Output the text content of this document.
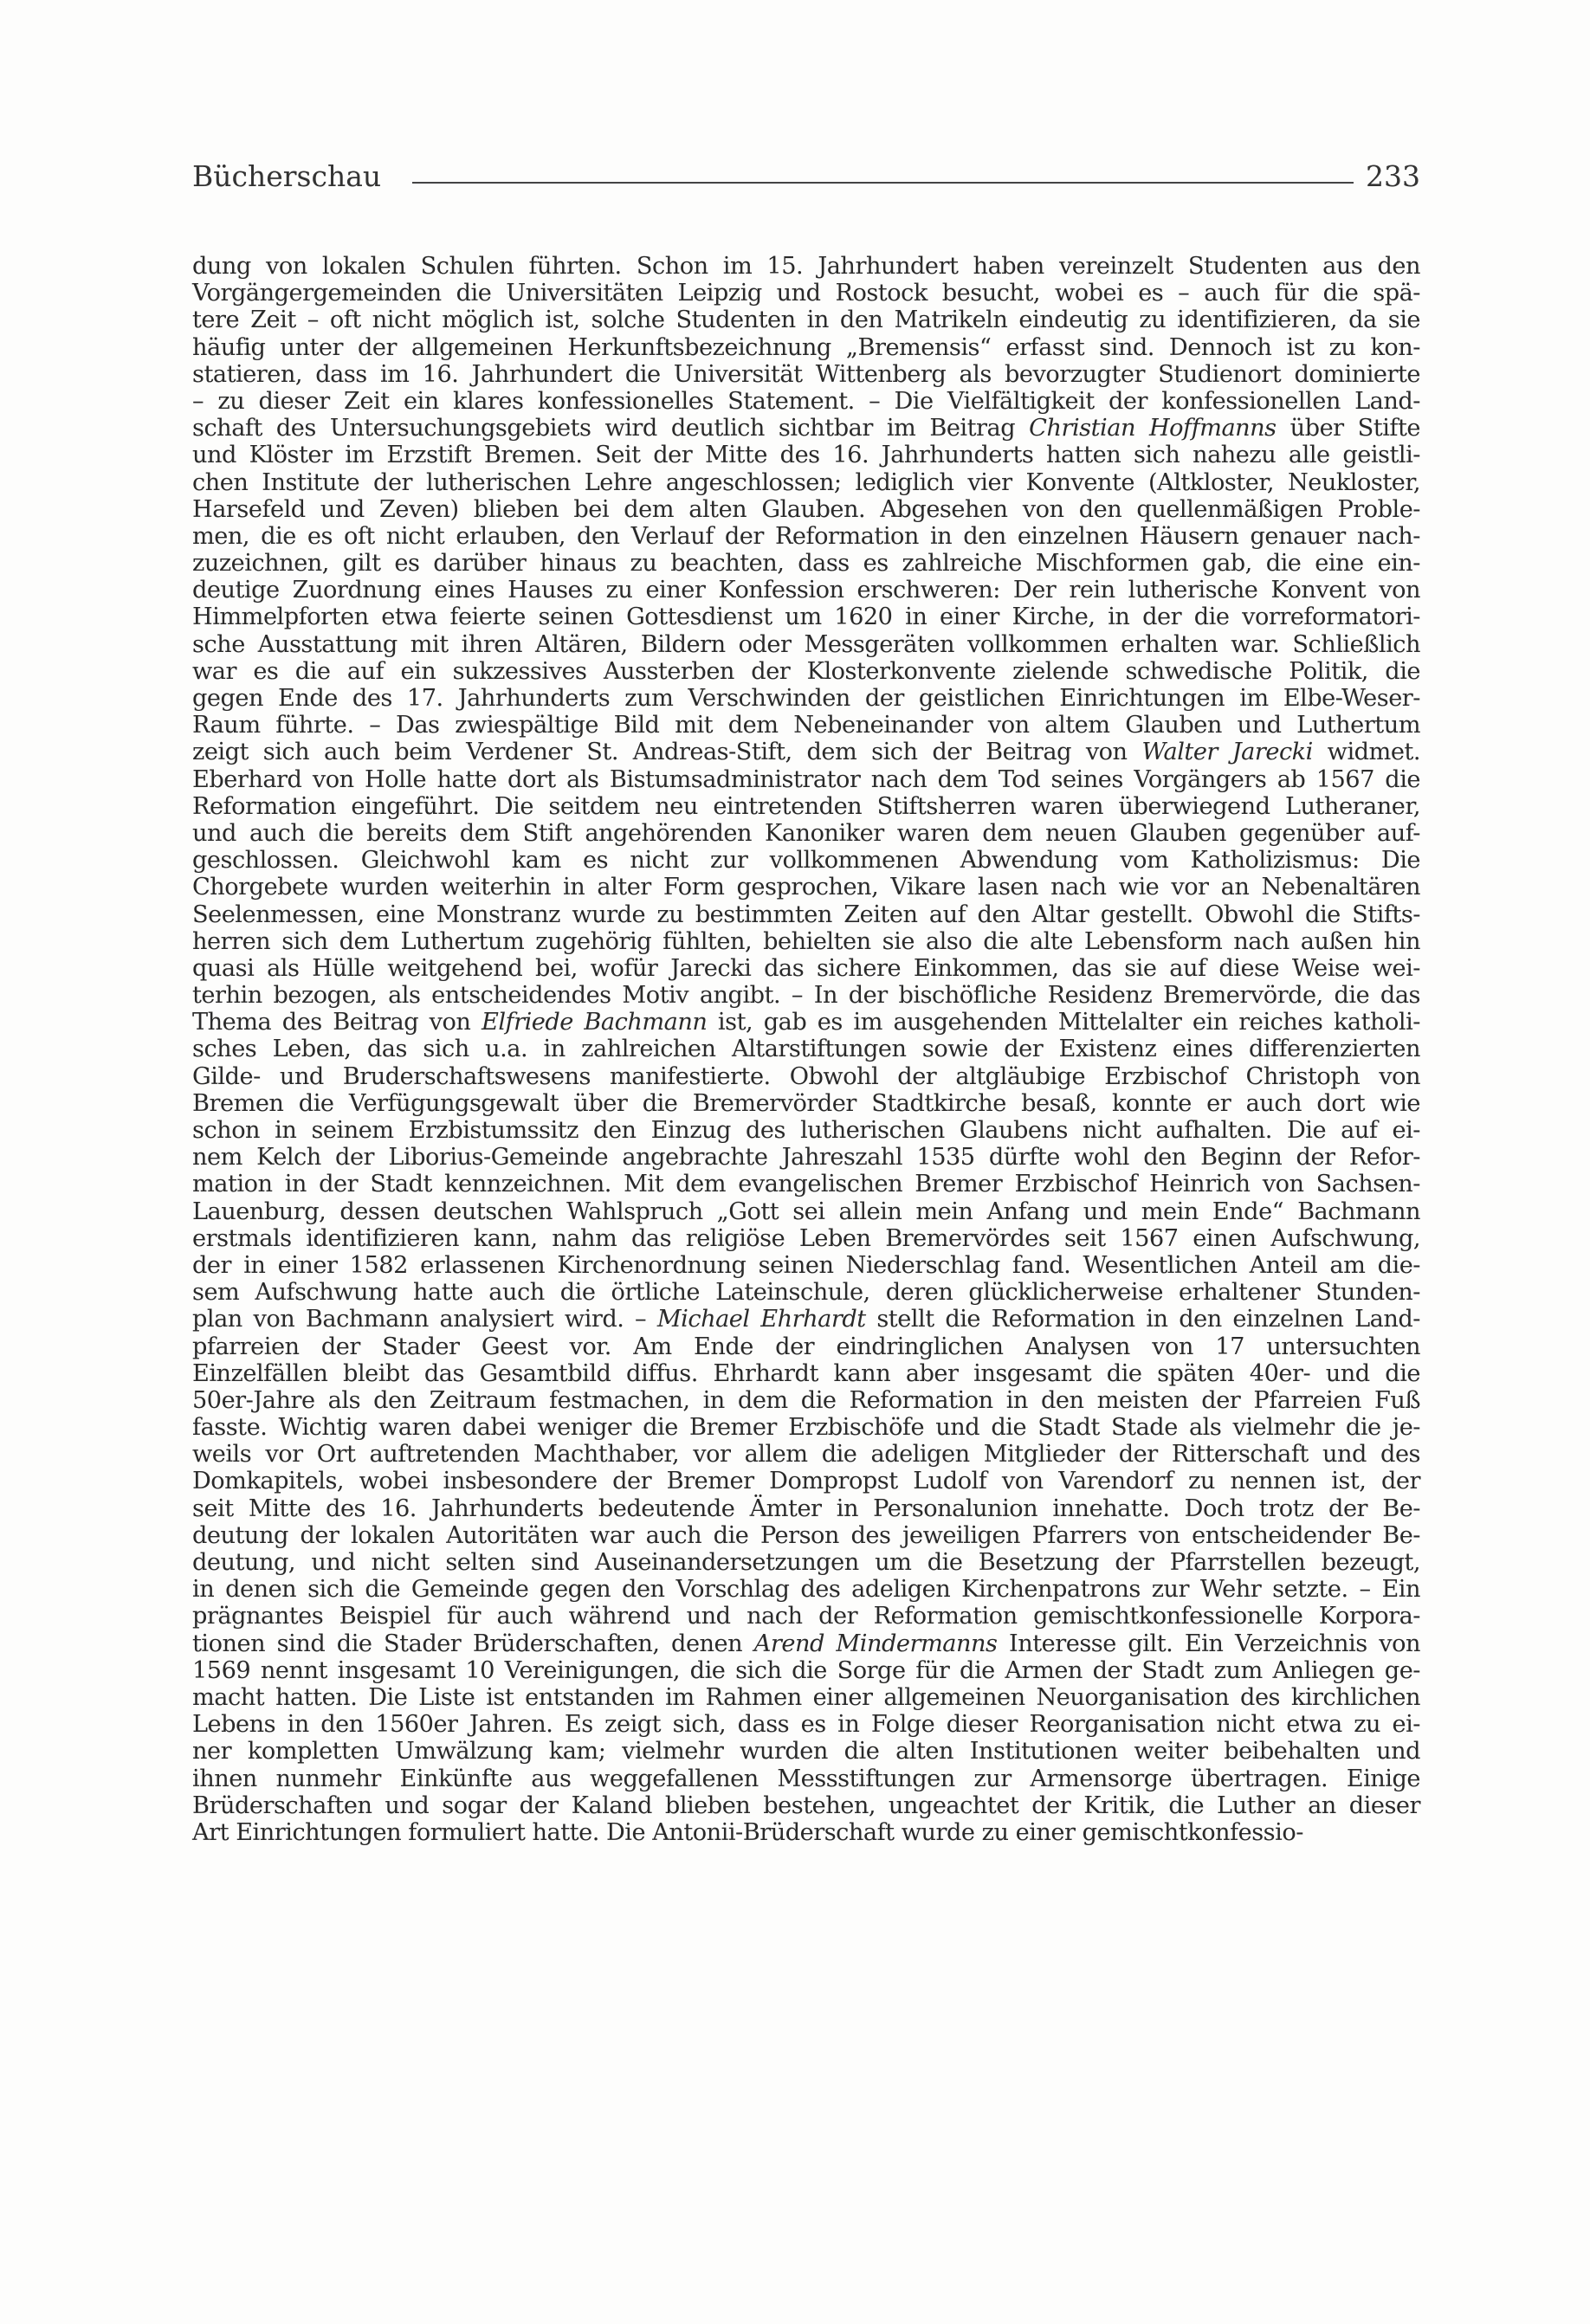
Bücherschau	233
dung von lokalen Schulen führten. Schon im 15. Jahrhundert haben vereinzelt Studenten aus den
Vorgängergemeinden die Universitäten Leipzig und Rostock besucht, wobei es – auch für die spä-
tere Zeit – oft nicht möglich ist, solche Studenten in den Matrikeln eindeutig zu identifizieren, da sie
häufig unter der allgemeinen Herkunftsbezeichnung „Bremensis“ erfasst sind. Dennoch ist zu kon-
statieren, dass im 16. Jahrhundert die Universität Wittenberg als bevorzugter Studienort dominierte
– zu dieser Zeit ein klares konfessionelles Statement. – Die Vielfältigkeit der konfessionellen Land-
schaft des Untersuchungsgebiets wird deutlich sichtbar im Beitrag Christian Hoffmanns über Stifte
und Klöster im Erzstift Bremen. Seit der Mitte des 16. Jahrhunderts hatten sich nahezu alle geistli-
chen Institute der lutherischen Lehre angeschlossen; lediglich vier Konvente (Altkloster, Neukloster,
Harsefeld und Zeven) blieben bei dem alten Glauben. Abgesehen von den quellenmäßigen Proble-
men, die es oft nicht erlauben, den Verlauf der Reformation in den einzelnen Häusern genauer nach-
zuzeichnen, gilt es darüber hinaus zu beachten, dass es zahlreiche Mischformen gab, die eine ein-
deutige Zuordnung eines Hauses zu einer Konfession erschweren: Der rein lutherische Konvent von
Himmelpforten etwa feierte seinen Gottesdienst um 1620 in einer Kirche, in der die vorreformatori-
sche Ausstattung mit ihren Altären, Bildern oder Messgeräten vollkommen erhalten war. Schließlich
war es die auf ein sukzessives Aussterben der Klosterkonvente zielende schwedische Politik, die
gegen Ende des 17. Jahrhunderts zum Verschwinden der geistlichen Einrichtungen im Elbe-Weser-
Raum führte. – Das zwiespältige Bild mit dem Nebeneinander von altem Glauben und Luthertum
zeigt sich auch beim Verdener St. Andreas-Stift, dem sich der Beitrag von Walter Jarecki widmet.
Eberhard von Holle hatte dort als Bistumsadministrator nach dem Tod seines Vorgängers ab 1567 die
Reformation eingeführt. Die seitdem neu eintretenden Stiftsherren waren überwiegend Lutheraner,
und auch die bereits dem Stift angehörenden Kanoniker waren dem neuen Glauben gegenüber auf-
geschlossen. Gleichwohl kam es nicht zur vollkommenen Abwendung vom Katholizismus: Die
Chorgebete wurden weiterhin in alter Form gesprochen, Vikare lasen nach wie vor an Nebenaltären
Seelenmessen, eine Monstranz wurde zu bestimmten Zeiten auf den Altar gestellt. Obwohl die Stifts-
herren sich dem Luthertum zugehörig fühlten, behielten sie also die alte Lebensform nach außen hin
quasi als Hülle weitgehend bei, wofür Jarecki das sichere Einkommen, das sie auf diese Weise wei-
terhin bezogen, als entscheidendes Motiv angibt. – In der bischöfliche Residenz Bremervörde, die das
Thema des Beitrag von Elfriede Bachmann ist, gab es im ausgehenden Mittelalter ein reiches katholi-
sches Leben, das sich u.a. in zahlreichen Altarstiftungen sowie der Existenz eines differenzierten
Gilde- und Bruderschaftswesens manifestierte. Obwohl der altgläubige Erzbischof Christoph von
Bremen die Verfügungsgewalt über die Bremervörder Stadtkirche besaß, konnte er auch dort wie
schon in seinem Erzbistumssitz den Einzug des lutherischen Glaubens nicht aufhalten. Die auf ei-
nem Kelch der Liborius-Gemeinde angebrachte Jahreszahl 1535 dürfte wohl den Beginn der Refor-
mation in der Stadt kennzeichnen. Mit dem evangelischen Bremer Erzbischof Heinrich von Sachsen-
Lauenburg, dessen deutschen Wahlspruch „Gott sei allein mein Anfang und mein Ende“ Bachmann
erstmals identifizieren kann, nahm das religiöse Leben Bremervördes seit 1567 einen Aufschwung,
der in einer 1582 erlassenen Kirchenordnung seinen Niederschlag fand. Wesentlichen Anteil am die-
sem Aufschwung hatte auch die örtliche Lateinschule, deren glücklicherweise erhaltener Stunden-
plan von Bachmann analysiert wird. – Michael Ehrhardt stellt die Reformation in den einzelnen Land-
pfarreien der Stader Geest vor. Am Ende der eindringlichen Analysen von 17 untersuchten
Einzelfällen bleibt das Gesamtbild diffus. Ehrhardt kann aber insgesamt die späten 40er- und die
50er-Jahre als den Zeitraum festmachen, in dem die Reformation in den meisten der Pfarreien Fuß
fasste. Wichtig waren dabei weniger die Bremer Erzbischöfe und die Stadt Stade als vielmehr die je-
weils vor Ort auftretenden Machthaber, vor allem die adeligen Mitglieder der Ritterschaft und des
Domkapitels, wobei insbesondere der Bremer Dompropst Ludolf von Varendorf zu nennen ist, der
seit Mitte des 16. Jahrhunderts bedeutende Ämter in Personalunion innehatte. Doch trotz der Be-
deutung der lokalen Autoritäten war auch die Person des jeweiligen Pfarrers von entscheidender Be-
deutung, und nicht selten sind Auseinandersetzungen um die Besetzung der Pfarrstellen bezeugt,
in denen sich die Gemeinde gegen den Vorschlag des adeligen Kirchenpatrons zur Wehr setzte. – Ein
prägnantes Beispiel für auch während und nach der Reformation gemischtkonfessionelle Korpora-
tionen sind die Stader Brüderschaften, denen Arend Mindermanns Interesse gilt. Ein Verzeichnis von
1569 nennt insgesamt 10 Vereinigungen, die sich die Sorge für die Armen der Stadt zum Anliegen ge-
macht hatten. Die Liste ist entstanden im Rahmen einer allgemeinen Neuorganisation des kirchlichen
Lebens in den 1560er Jahren. Es zeigt sich, dass es in Folge dieser Reorganisation nicht etwa zu ei-
ner kompletten Umwälzung kam; vielmehr wurden die alten Institutionen weiter beibehalten und
ihnen nunmehr Einkünfte aus weggefallenen Messstiftungen zur Armensorge übertragen. Einige
Brüderschaften und sogar der Kaland blieben bestehen, ungeachtet der Kritik, die Luther an dieser
Art Einrichtungen formuliert hatte. Die Antonii-Brüderschaft wurde zu einer gemischtkonfessio-
